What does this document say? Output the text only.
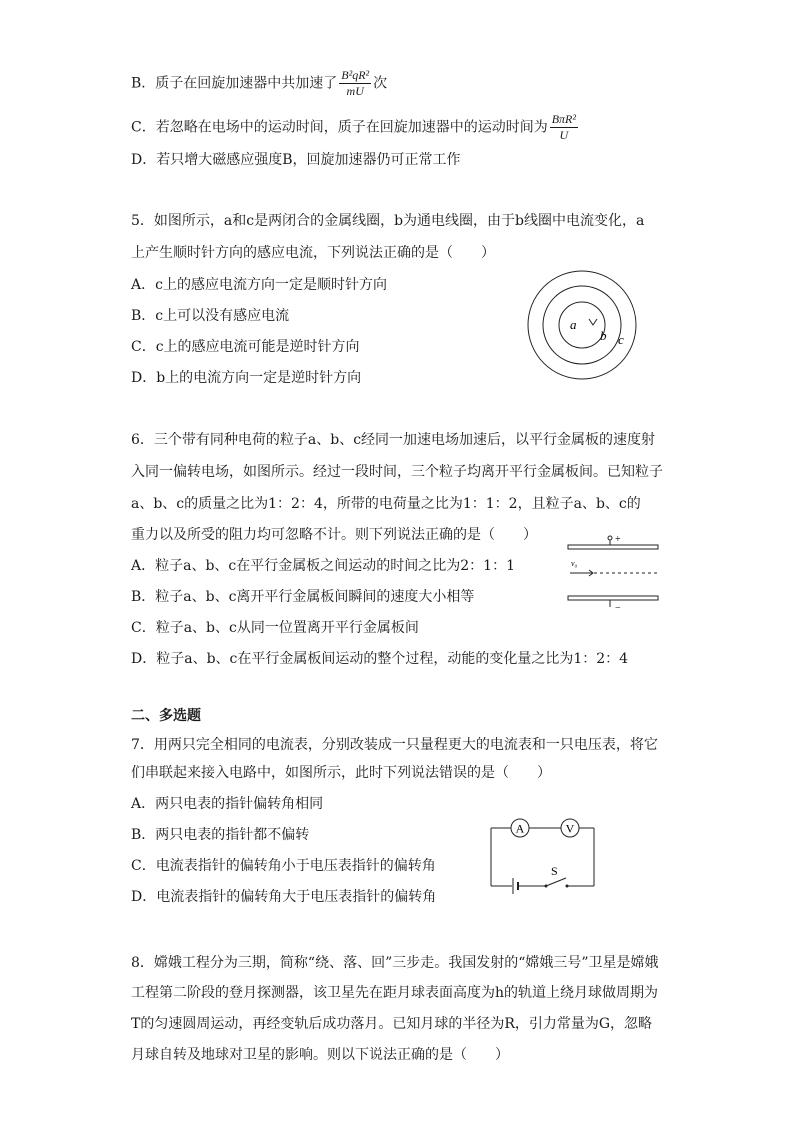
B．质子在回旋加速器中共加速了 $\frac{\text{B²qR²}}{mU}$ 次
C．若忽略在电场中的运动时间，质子在回旋加速器中的运动时间为 $\frac{\text{BπR²}}{U}$
D．若只增大磁感应强度B，回旋加速器仍可正常工作
5．如图所示，a和c是两闭合的金属线圈，b为通电线圈，由于b线圈中电流变化，a
上产生顺时针方向的感应电流，下列说法正确的是（　　）
A．c上的感应电流方向一定是顺时针方向
B．c上可以没有感应电流
C．c上的感应电流可能是逆时针方向
D．b上的电流方向一定是逆时针方向
a
b c
6．三个带有同种电荷的粒子a、b、c经同一加速电场加速后，以平行金属板的速度射
入同一偏转电场，如图所示。经过一段时间，三个粒子均离开平行金属板间。已知粒子
a、b、c的质量之比为1：2：4，所带的电荷量之比为1：1：2，且粒子a、b、c的
重力以及所受的阻力均可忽略不计。则下列说法正确的是（　　）
A．粒子a、b、c在平行金属板之间运动的时间之比为2：1：1
B．粒子a、b、c离开平行金属板间瞬间的速度大小相等
C．粒子a、b、c从同一位置离开平行金属板间
D．粒子a、b、c在平行金属板间运动的整个过程，动能的变化量之比为1：2：4
+
v₀
−
二、多选题
7．用两只完全相同的电流表，分别改装成一只量程更大的电流表和一只电压表，将它
们串联起来接入电路中，如图所示，此时下列说法错误的是（　　）
A．两只电表的指针偏转角相同
B．两只电表的指针都不偏转
C．电流表指针的偏转角小于电压表指针的偏转角
D．电流表指针的偏转角大于电压表指针的偏转角
A	V
S
8．嫦娥工程分为三期，简称“绕、落、回”三步走。我国发射的“嫦娥三号”卫星是嫦娥
工程第二阶段的登月探测器，该卫星先在距月球表面高度为h的轨道上绕月球做周期为
T的匀速圆周运动，再经变轨后成功落月。已知月球的半径为R，引力常量为G，忽略
月球自转及地球对卫星的影响。则以下说法正确的是（　　）
